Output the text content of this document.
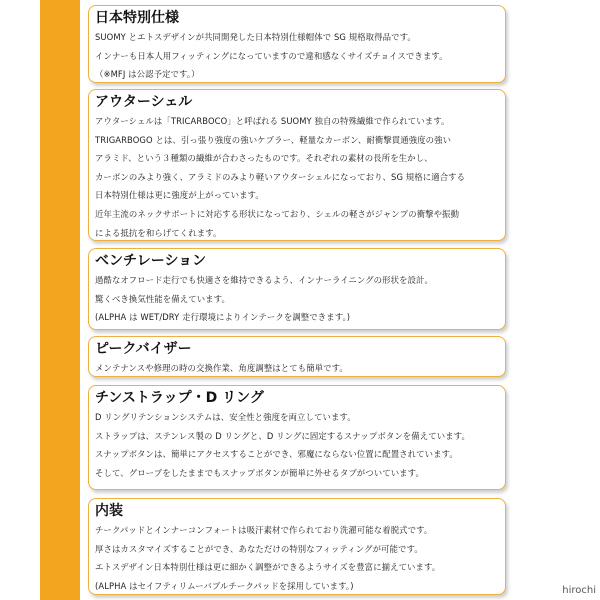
日本特別仕様

SUOMY とエトスデザインが共同開発した日本特別仕様帽体で SG 規格取得品です。

インナーも日本人用フィッティングになっていますので違和感なくサイズチョイスできます。

（※MFJ は公認予定です。）

アウターシェル

アウターシェルは「TRICARBOCO」と呼ばれる SUOMY 独自の特殊繊維で作られています。

TRIGARBOGO とは、引っ張り強度の強いケブラー、軽量なカーボン、耐衝撃貫通強度の強い

アラミド、という３種類の繊維が合わさったものです。それぞれの素材の長所を生かし、

カーボンのみより強く、アラミドのみより軽いアウターシェルになっており、SG 規格に適合する

日本特別仕様は更に強度が上がっています。

近年主流のネックサポートに対応する形状になっており、シェルの軽さがジャンプの衝撃や振動

による抵抗を和らげてくれます。

ベンチレーション

過酷なオフロード走行でも快適さを維持できるよう、インナーライニングの形状を設計。

驚くべき換気性能を備えています。

(ALPHA は WET/DRY 走行環境によりインテークを調整できます。)

ピークバイザー

メンテナンスや修理の時の交換作業、角度調整はとても簡単です。

チンストラップ・D リング

D リングリテンションシステムは、安全性と強度を両立しています。

ストラップは、ステンレス製の D リングと、D リングに固定するスナップボタンを備えています。

スナップボタンは、簡単にアクセスすることができ、邪魔にならない位置に配置されています。

そして、グローブをしたままでもスナップボタンが簡単に外せるタブがついています。

内装

チークパッドとインナーコンフォートは吸汗素材で作られており洗濯可能な着脱式です。

厚さはカスタマイズすることができ、あなただけの特別なフィッティングが可能です。

エトスデザイン日本特別仕様は更に細かく調整ができるようサイズを豊富に揃えています。

(ALPHA はセイフティリムーバブルチークパッドを採用しています。)	hirochi
